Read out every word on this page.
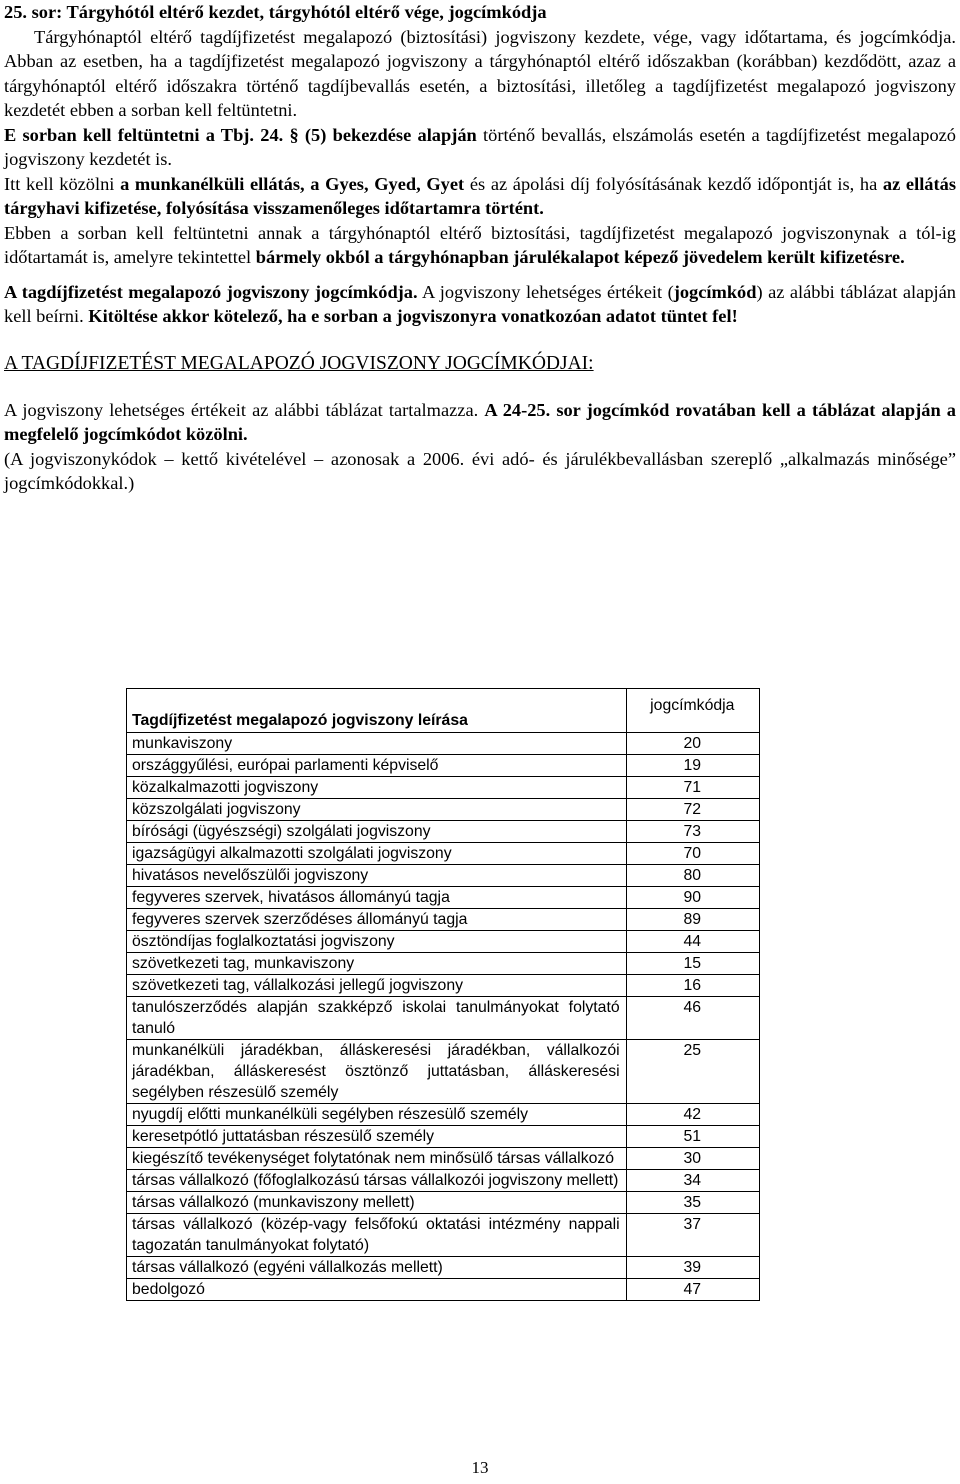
25. sor: Tárgyhótól eltérő kezdet, tárgyhótól eltérő vége, jogcímkódja

Tárgyhónaptól eltérő tagdíjfizetést megalapozó (biztosítási) jogviszony kezdete, vége, vagy időtartama, és jogcímkódja. Abban az esetben, ha a tagdíjfizetést megalapozó jogviszony a tárgyhónaptól eltérő időszakban (korábban) kezdődött, azaz a tárgyhónaptól eltérő időszakra történő tagdíjbevallás esetén, a biztosítási, illetőleg a tagdíjfizetést megalapozó jogviszony kezdetét ebben a sorban kell feltüntetni.

E sorban kell feltüntetni a Tbj. 24. § (5) bekezdése alapján történő bevallás, elszámolás esetén a tagdíjfizetést megalapozó jogviszony kezdetét is.

Itt kell közölni a munkanélküli ellátás, a Gyes, Gyed, Gyet és az ápolási díj folyósításának kezdő időpontját is, ha az ellátás tárgyhavi kifizetése, folyósítása visszamenőleges időtartamra történt.

Ebben a sorban kell feltüntetni annak a tárgyhónaptól eltérő biztosítási, tagdíjfizetést megalapozó jogviszonynak a tól-ig időtartamát is, amelyre tekintettel bármely okból a tárgyhónapban járulékalapot képező jövedelem került kifizetésre.

A tagdíjfizetést megalapozó jogviszony jogcímkódja. A jogviszony lehetséges értékeit (jogcímkód) az alábbi táblázat alapján kell beírni. Kitöltése akkor kötelező, ha e sorban a jogviszonyra vonatkozóan adatot tüntet fel!

A TAGDÍJFIZETÉST MEGALAPOZÓ JOGVISZONY JOGCÍMKÓDJAI:

A jogviszony lehetséges értékeit az alábbi táblázat tartalmazza. A 24-25. sor jogcímkód rovatában kell a táblázat alapján a megfelelő jogcímkódot közölni.

(A jogviszonykódok – kettő kivételével – azonosak a 2006. évi adó- és járulékbevallásban szereplő „alkalmazás minősége” jogcímkódokkal.)

Tagdíjfizetést megalapozó jogviszony leírása	jogcímkódja
munkaviszony	20
országgyűlési, európai parlamenti képviselő	19
közalkalmazotti jogviszony	71
közszolgálati jogviszony	72
bírósági (ügyészségi) szolgálati jogviszony	73
igazságügyi alkalmazotti szolgálati jogviszony	70
hivatásos nevelőszülői jogviszony	80
fegyveres szervek, hivatásos állományú tagja	90
fegyveres szervek szerződéses állományú tagja	89
ösztöndíjas foglalkoztatási jogviszony	44
szövetkezeti tag, munkaviszony	15
szövetkezeti tag, vállalkozási jellegű jogviszony	16
tanulószerződés alapján szakképző iskolai tanulmányokat folytató tanuló	46
munkanélküli járadékban, álláskeresési járadékban, vállalkozói járadékban, álláskeresést ösztönző juttatásban, álláskeresési segélyben részesülő személy	25
nyugdíj előtti munkanélküli segélyben részesülő személy	42
keresetpótló juttatásban részesülő személy	51
kiegészítő tevékenységet folytatónak nem minősülő társas vállalkozó	30
társas vállalkozó (főfoglalkozású társas vállalkozói jogviszony mellett)	34
társas vállalkozó (munkaviszony mellett)	35
társas vállalkozó (közép-vagy felsőfokú oktatási intézmény nappali tagozatán tanulmányokat folytató)	37
társas vállalkozó (egyéni vállalkozás mellett)	39
bedolgozó	47
13
